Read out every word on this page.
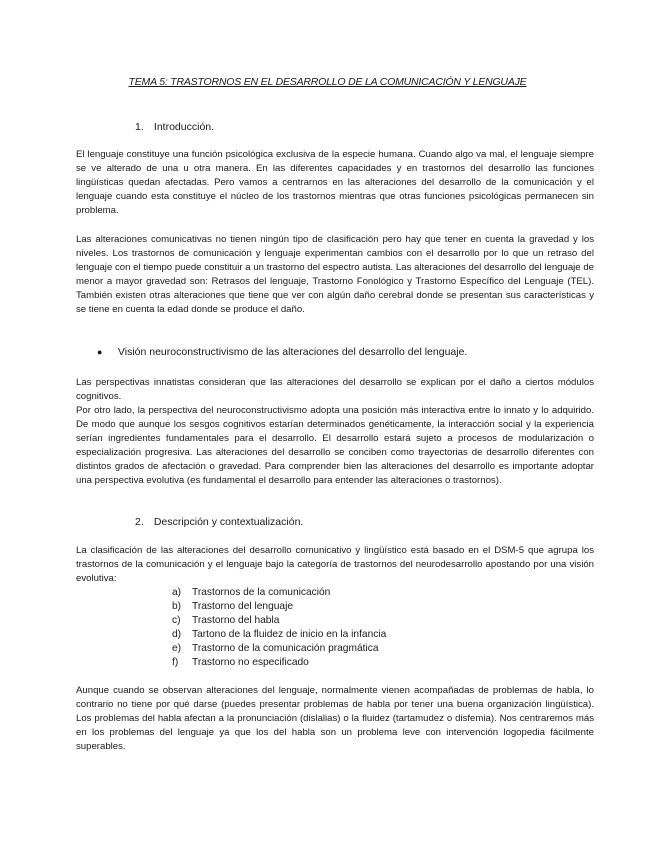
TEMA 5: TRASTORNOS EN EL DESARROLLO DE LA COMUNICACIÓN Y LENGUAJE
1. Introducción.

El lenguaje constituye una función psicológica exclusiva de la especie humana. Cuando algo va mal, el lenguaje siempre se ve alterado de una u otra manera. En las diferentes capacidades y en trastornos del desarrollo las funciones lingüísticas quedan afectadas. Pero vamos a centrarnos en las alteraciones del desarrollo de la comunicación y el lenguaje cuando esta constituye el núcleo de los trastornos mientras que otras funciones psicológicas permanecen sin problema.

Las alteraciones comunicativas no tienen ningún tipo de clasificación pero hay que tener en cuenta la gravedad y los niveles. Los trastornos de comunicación y lenguaje experimentan cambios con el desarrollo por lo que un retraso del lenguaje con el tiempo puede constituir a un trastorno del espectro autista. Las alteraciones del desarrollo del lenguaje de menor a mayor gravedad son: Retrasos del lenguaje, Trastorno Fonológico y Trastorno Específico del Lenguaje (TEL). También existen otras alteraciones que tiene que ver con algún daño cerebral donde se presentan sus características y se tiene en cuenta la edad donde se produce el daño.

● Visión neuroconstructivismo de las alteraciones del desarrollo del lenguaje.

Las perspectivas innatistas consideran que las alteraciones del desarrollo se explican por el daño a ciertos módulos cognitivos.

Por otro lado, la perspectiva del neuroconstructivismo adopta una posición más interactiva entre lo innato y lo adquirido. De modo que aunque los sesgos cognitivos estarían determinados genéticamente, la interacción social y la experiencia serían ingredientes fundamentales para el desarrollo. El desarrollo estará sujeto a procesos de modularización o especialización progresiva. Las alteraciones del desarrollo se conciben como trayectorias de desarrollo diferentes con distintos grados de afectación o gravedad. Para comprender bien las alteraciones del desarrollo es importante adoptar una perspectiva evolutiva (es fundamental el desarrollo para entender las alteraciones o trastornos).

2. Descripción y contextualización.

La clasificación de las alteraciones del desarrollo comunicativo y lingüístico está basado en el DSM-5 que agrupa los trastornos de la comunicación y el lenguaje bajo la categoría de trastornos del neurodesarrollo apostando por una visión evolutiva:

a) Trastornos de la comunicación
b) Trastorno del lenguaje
c) Trastorno del habla
d) Tartono de la fluidez de inicio en la infancia
e) Trastorno de la comunicación pragmática
f) Trastorno no especificado

Aunque cuando se observan alteraciones del lenguaje, normalmente vienen acompañadas de problemas de habla, lo contrario no tiene por qué darse (puedes presentar problemas de habla por tener una buena organización lingüística). Los problemas del habla afectan a la pronunciación (dislalias) o la fluidez (tartamudez o disfemia). Nos centraremos más en los problemas del lenguaje ya que los del habla son un problema leve con intervención logopedia fácilmente superables.
